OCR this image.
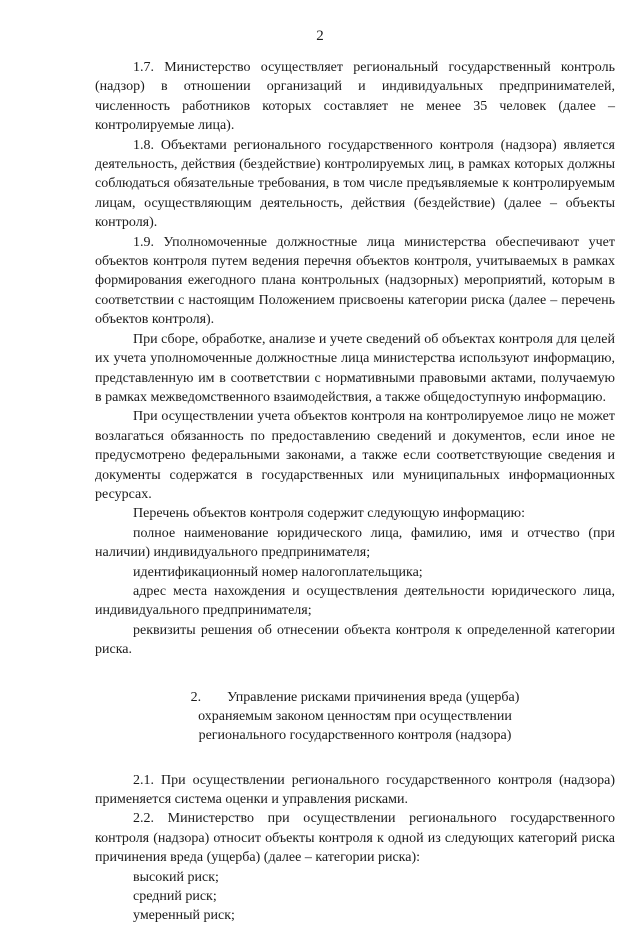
2

1.7. Министерство осуществляет региональный государственный контроль (надзор) в отношении организаций и индивидуальных предпринимателей, численность работников которых составляет не менее 35 человек (далее – контролируемые лица).

1.8. Объектами регионального государственного контроля (надзора) является деятельность, действия (бездействие) контролируемых лиц, в рамках которых должны соблюдаться обязательные требования, в том числе предъявляемые к контролируемым лицам, осуществляющим деятельность, действия (бездействие) (далее – объекты контроля).

1.9. Уполномоченные должностные лица министерства обеспечивают учет объектов контроля путем ведения перечня объектов контроля, учитываемых в рамках формирования ежегодного плана контрольных (надзорных) мероприятий, которым в соответствии с настоящим Положением присвоены категории риска (далее – перечень объектов контроля).

При сборе, обработке, анализе и учете сведений об объектах контроля для целей их учета уполномоченные должностные лица министерства используют информацию, представленную им в соответствии с нормативными правовыми актами, получаемую в рамках межведомственного взаимодействия, а также общедоступную информацию.

При осуществлении учета объектов контроля на контролируемое лицо не может возлагаться обязанность по предоставлению сведений и документов, если иное не предусмотрено федеральными законами, а также если соответствующие сведения и документы содержатся в государственных или муниципальных информационных ресурсах.

Перечень объектов контроля содержит следующую информацию:

полное наименование юридического лица, фамилию, имя и отчество (при наличии) индивидуального предпринимателя;

идентификационный номер налогоплательщика;

адрес места нахождения и осуществления деятельности юридического лица, индивидуального предпринимателя;

реквизиты решения об отнесении объекта контроля к определенной категории риска.

2. Управление рисками причинения вреда (ущерба)
охраняемым законом ценностям при осуществлении
регионального государственного контроля (надзора)

2.1. При осуществлении регионального государственного контроля (надзора) применяется система оценки и управления рисками.

2.2. Министерство при осуществлении регионального государственного контроля (надзора) относит объекты контроля к одной из следующих категорий риска причинения вреда (ущерба) (далее – категории риска):

высокий риск;

средний риск;

умеренный риск;
